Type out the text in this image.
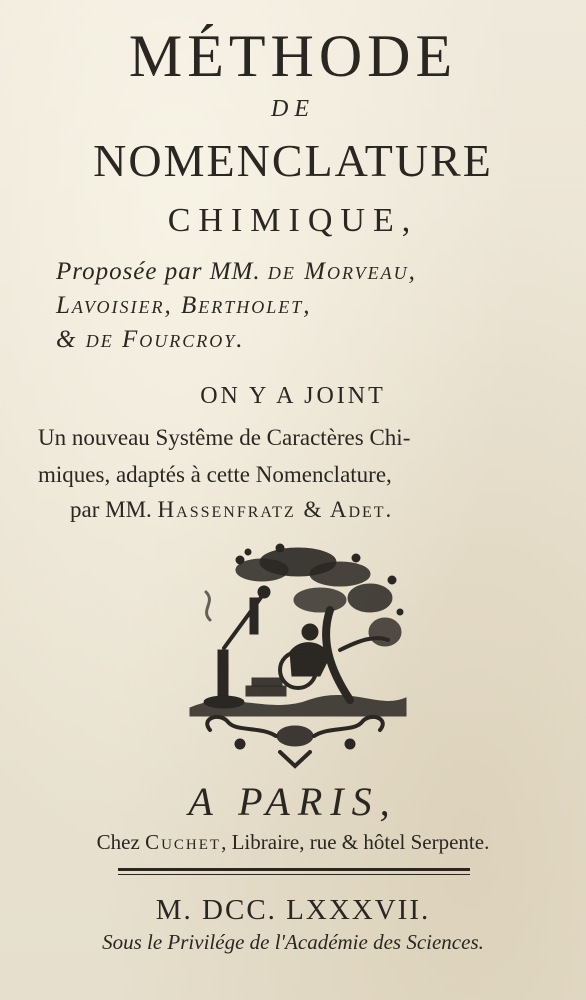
MÉTHODE
DE
NOMENCLATURE
CHIMIQUE,
Proposée par MM. de Morveau,
Lavoisier, Bertholet,
& de Fourcroy.
ON Y A JOINT
Un nouveau Systême de Caractères Chi-
miques, adaptés à cette Nomenclature,
par MM. Hassenfratz & Adet.
A PARIS,
Chez Cuchet, Libraire, rue & hôtel Serpente.
M. DCC. LXXXVII.
Sous le Privilége de l'Académie des Sciences.
